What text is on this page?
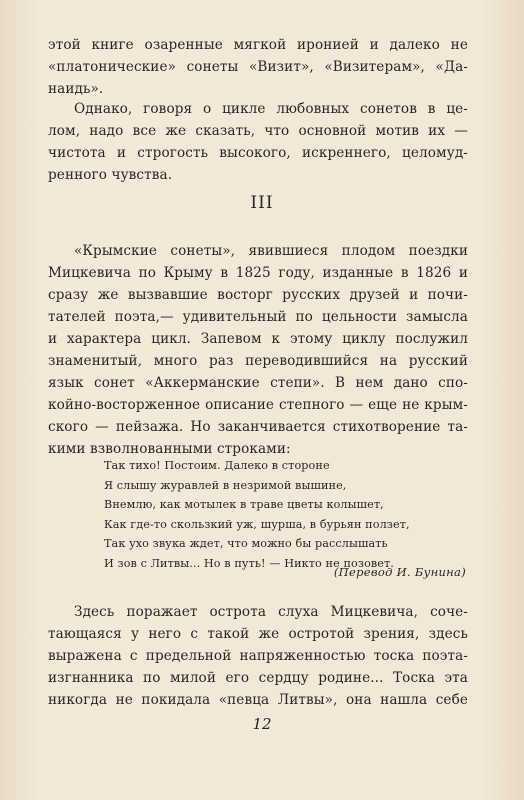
этой книге озаренные мягкой иронией и далеко не
«платонические» сонеты «Визит», «Визитерам», «Да-
наидь».
Однако, говоря о цикле любовных сонетов в це-
лом, надо все же сказать, что основной мотив их —
чистота и строгость высокого, искреннего, целомуд-
ренного чувства.
III
«Крымские сонеты», явившиеся плодом поездки
Мицкевича по Крыму в 1825 году, изданные в 1826 и
сразу же вызвавшие восторг русских друзей и почи-
тателей поэта,— удивительный по цельности замысла
и характера цикл. Запевом к этому циклу послужил
знаменитый, много раз переводившийся на русский
язык сонет «Аккерманские степи». В нем дано спо-
койно-восторженное описание степного — еще не крым-
ского — пейзажа. Но заканчивается стихотворение та-
кими взволнованными строками:
Так тихо! Постоим. Далеко в стороне
Я слышу журавлей в незримой вышине,
Внемлю, как мотылек в траве цветы колышет,
Как где-то скользкий уж, шурша, в бурьян ползет,
Так ухо звука ждет, что можно бы расслышать
И зов с Литвы... Но в путь! — Никто не позовет.
(Перевод И. Бунина)
Здесь поражает острота слуха Мицкевича, сочe-
тающаяся у него с такой же остротой зрения, здесь
выражена с предельной напряженностью тоска поэта-
изгнанника по милой его сердцу родине... Тоска эта
никогда не покидала «певца Литвы», она нашла себе
12
